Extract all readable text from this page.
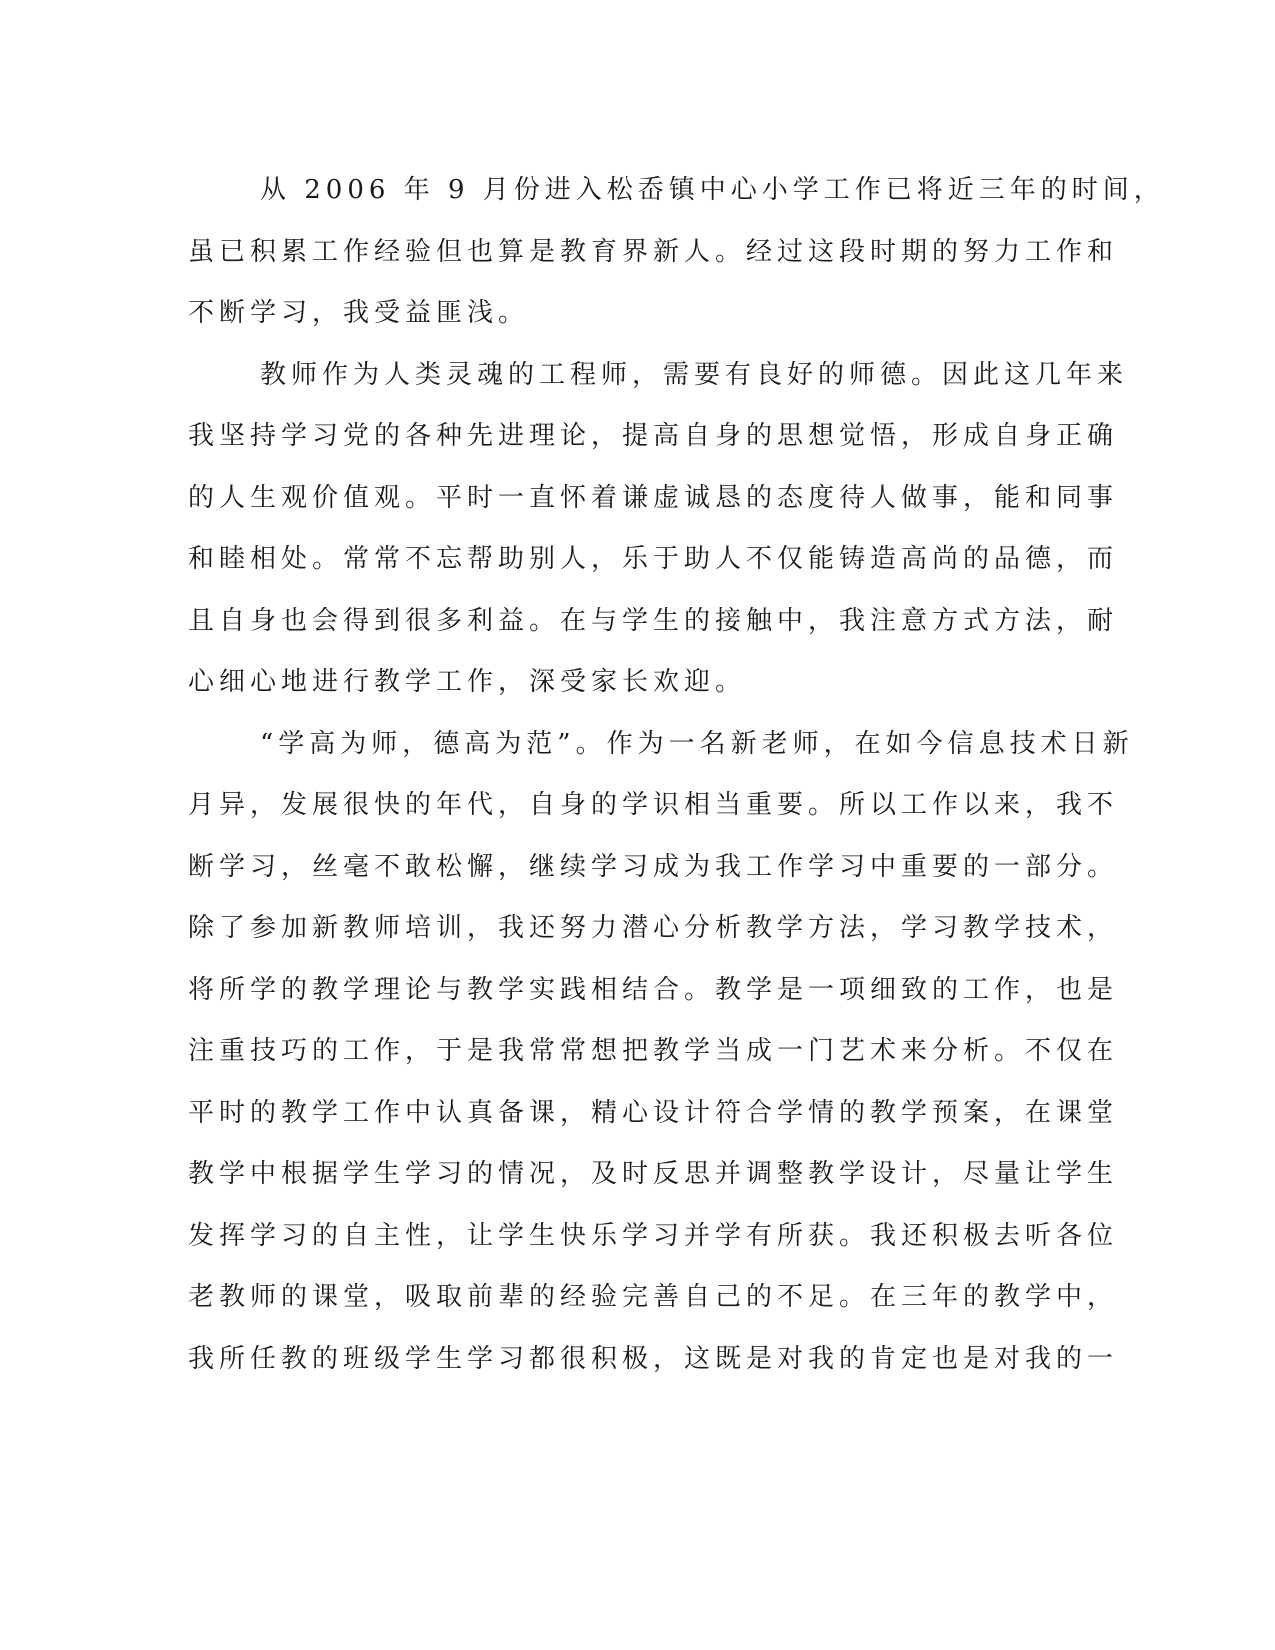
从 2006 年 9 月份进入松岙镇中心小学工作已将近三年的时间，
虽已积累工作经验但也算是教育界新人。经过这段时期的努力工作和
不断学习，我受益匪浅。
教师作为人类灵魂的工程师，需要有良好的师德。因此这几年来
我坚持学习党的各种先进理论，提高自身的思想觉悟，形成自身正确
的人生观价值观。平时一直怀着谦虚诚恳的态度待人做事，能和同事
和睦相处。常常不忘帮助别人，乐于助人不仅能铸造高尚的品德，而
且自身也会得到很多利益。在与学生的接触中，我注意方式方法，耐
心细心地进行教学工作，深受家长欢迎。
“学高为师，德高为范”。作为一名新老师，在如今信息技术日新
月异，发展很快的年代，自身的学识相当重要。所以工作以来，我不
断学习，丝毫不敢松懈，继续学习成为我工作学习中重要的一部分。
除了参加新教师培训，我还努力潜心分析教学方法，学习教学技术，
将所学的教学理论与教学实践相结合。教学是一项细致的工作，也是
注重技巧的工作，于是我常常想把教学当成一门艺术来分析。不仅在
平时的教学工作中认真备课，精心设计符合学情的教学预案，在课堂
教学中根据学生学习的情况，及时反思并调整教学设计，尽量让学生
发挥学习的自主性，让学生快乐学习并学有所获。我还积极去听各位
老教师的课堂，吸取前辈的经验完善自己的不足。在三年的教学中，
我所任教的班级学生学习都很积极，这既是对我的肯定也是对我的一
